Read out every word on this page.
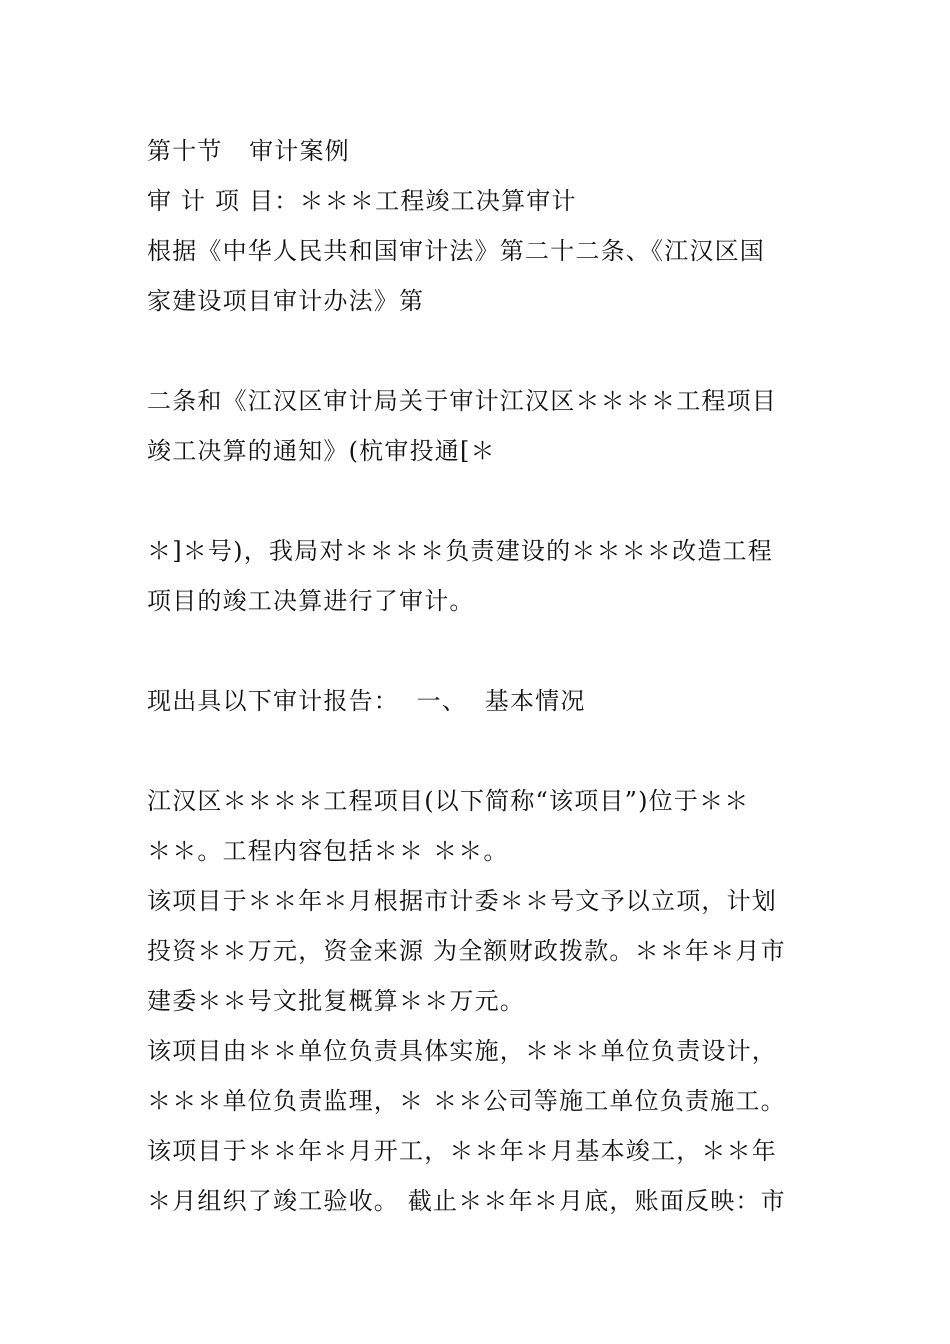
第十节   审计案例
审 计 项 目：＊＊＊工程竣工决算审计
根据《中华人民共和国审计法》第二十二条、《江汉区国
家建设项目审计办法》第
二条和《江汉区审计局关于审计江汉区＊＊＊＊工程项目
竣工决算的通知》(杭审投通[＊
＊]＊号)，我局对＊＊＊＊负责建设的＊＊＊＊改造工程
项目的竣工决算进行了审计。
现出具以下审计报告：  一、  基本情况
江汉区＊＊＊＊工程项目(以下简称“该项目”)位于＊＊
＊＊。工程内容包括＊＊ ＊＊。
该项目于＊＊年＊月根据市计委＊＊号文予以立项，计划
投资＊＊万元，资金来源 为全额财政拨款。＊＊年＊月市
建委＊＊号文批复概算＊＊万元。
该项目由＊＊单位负责具体实施，＊＊＊单位负责设计，
＊＊＊单位负责监理，＊ ＊＊公司等施工单位负责施工。
该项目于＊＊年＊月开工，＊＊年＊月基本竣工，＊＊年
＊月组织了竣工验收。 截止＊＊年＊月底，账面反映：市
